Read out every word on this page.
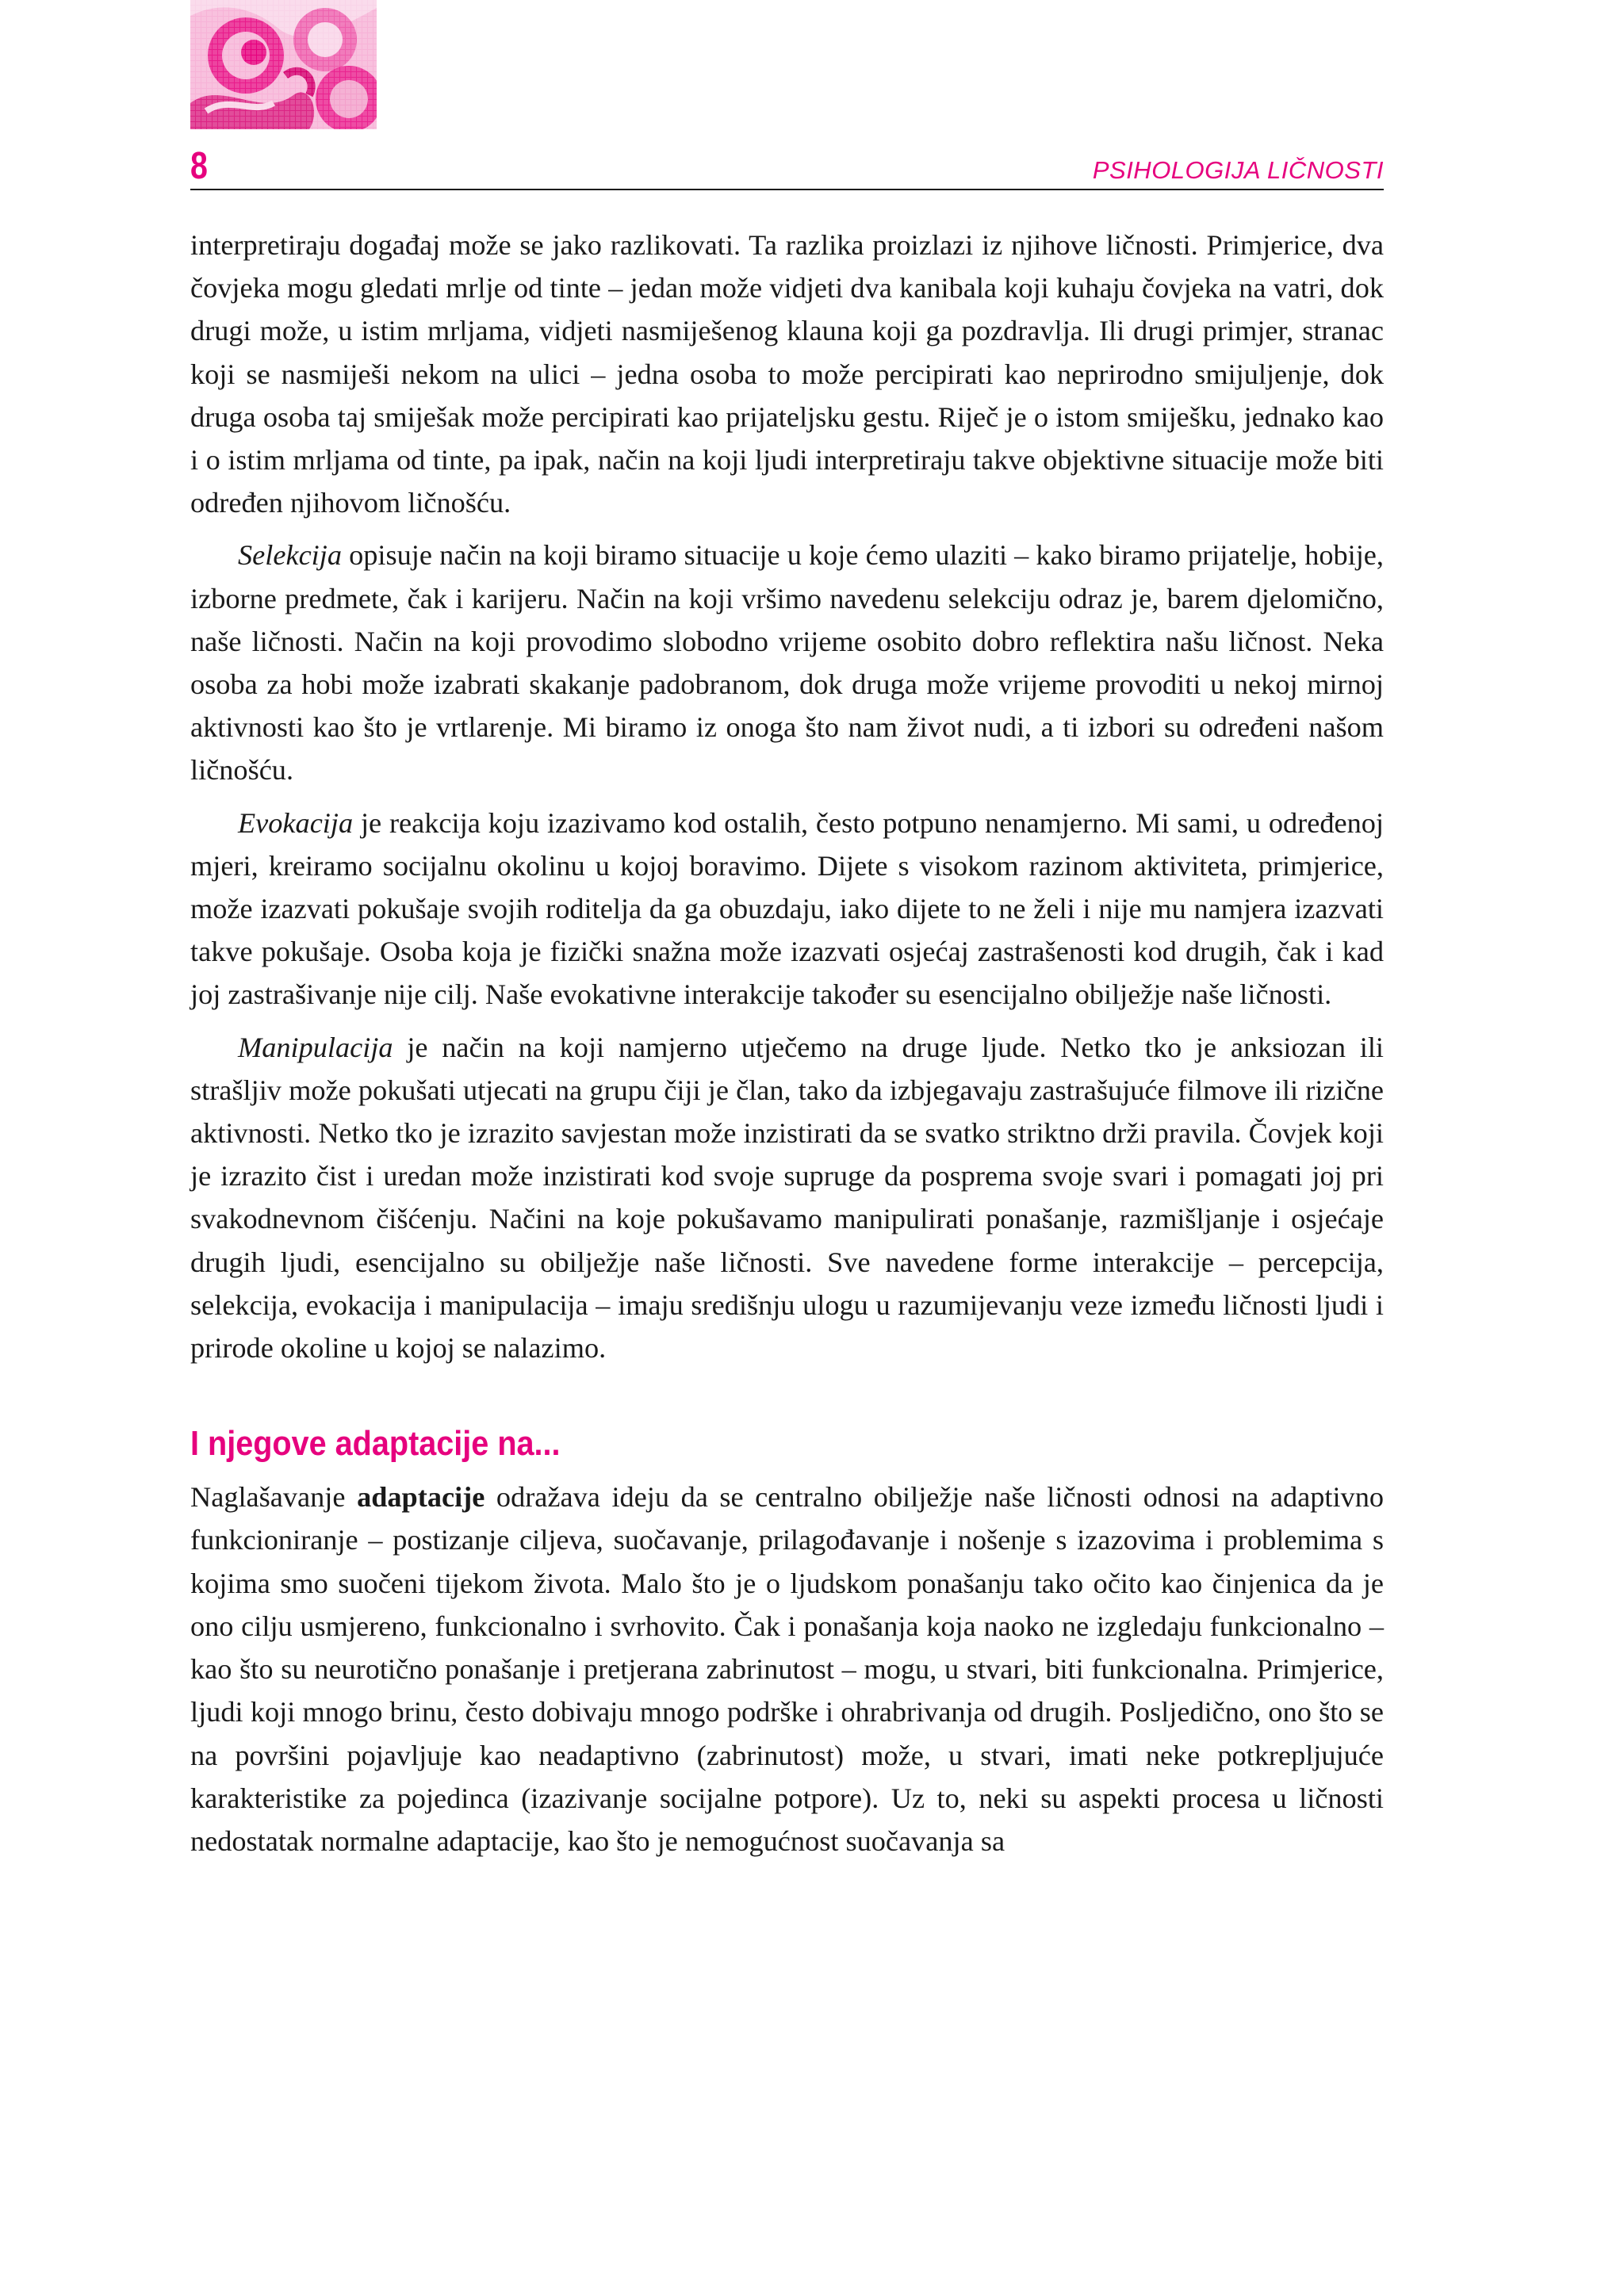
8	PSIHOLOGIJA LIČNOSTI

interpretiraju događaj može se jako razlikovati. Ta razlika proizlazi iz njihove ličnosti. Primjerice, dva čovjeka mogu gledati mrlje od tinte – jedan može vidjeti dva kanibala koji kuhaju čovjeka na vatri, dok drugi može, u istim mrljama, vidjeti nasmiješenog klauna koji ga pozdravlja. Ili drugi primjer, stranac koji se nasmiješi nekom na ulici – jedna osoba to može percipirati kao neprirodno smijuljenje, dok druga osoba taj smiješak može percipirati kao prijateljsku gestu. Riječ je o istom smiješku, jednako kao i o istim mrljama od tinte, pa ipak, način na koji ljudi interpretiraju takve objektivne situacije može biti određen njihovom ličnošću.

Selekcija opisuje način na koji biramo situacije u koje ćemo ulaziti – kako biramo prijatelje, hobije, izborne predmete, čak i karijeru. Način na koji vršimo navedenu selekciju odraz je, barem djelomično, naše ličnosti. Način na koji provodimo slobodno vrijeme osobito dobro reflektira našu ličnost. Neka osoba za hobi može izabrati skakanje padobranom, dok druga može vrijeme provoditi u nekoj mirnoj aktivnosti kao što je vrtlarenje. Mi biramo iz onoga što nam život nudi, a ti izbori su određeni našom ličnošću.

Evokacija je reakcija koju izazivamo kod ostalih, često potpuno nenamjerno. Mi sami, u određenoj mjeri, kreiramo socijalnu okolinu u kojoj boravimo. Dijete s visokom razinom aktiviteta, primjerice, može izazvati pokušaje svojih roditelja da ga obuzdaju, iako dijete to ne želi i nije mu namjera izazvati takve pokušaje. Osoba koja je fizički snažna može izazvati osjećaj zastrašenosti kod drugih, čak i kad joj zastrašivanje nije cilj. Naše evokativne interakcije također su esencijalno obilježje naše ličnosti.

Manipulacija je način na koji namjerno utječemo na druge ljude. Netko tko je anksiozan ili strašljiv može pokušati utjecati na grupu čiji je član, tako da izbjegavaju zastrašujuće filmove ili rizične aktivnosti. Netko tko je izrazito savjestan može inzistirati da se svatko striktno drži pravila. Čovjek koji je izrazito čist i uredan može inzistirati kod svoje supruge da posprema svoje svari i pomagati joj pri svakodnevnom čišćenju. Načini na koje pokušavamo manipulirati ponašanje, razmišljanje i osjećaje drugih ljudi, esencijalno su obilježje naše ličnosti. Sve navedene forme interakcije – percepcija, selekcija, evokacija i manipulacija – imaju središnju ulogu u razumijevanju veze između ličnosti ljudi i prirode okoline u kojoj se nalazimo.

I njegove adaptacije na...

Naglašavanje adaptacije odražava ideju da se centralno obilježje naše ličnosti odnosi na adaptivno funkcioniranje – postizanje ciljeva, suočavanje, prilagođavanje i nošenje s izazovima i problemima s kojima smo suočeni tijekom života. Malo što je o ljudskom ponašanju tako očito kao činjenica da je ono cilju usmjereno, funkcionalno i svrhovito. Čak i ponašanja koja naoko ne izgledaju funkcionalno – kao što su neurotično ponašanje i pretjerana zabrinutost – mogu, u stvari, biti funkcionalna. Primjerice, ljudi koji mnogo brinu, često dobivaju mnogo podrške i ohrabrivanja od drugih. Posljedično, ono što se na površini pojavljuje kao neadaptivno (zabrinutost) može, u stvari, imati neke potkrepljujuće karakteristike za pojedinca (izazivanje socijalne potpore). Uz to, neki su aspekti procesa u ličnosti nedostatak normalne adaptacije, kao što je nemogućnost suočavanja sa
